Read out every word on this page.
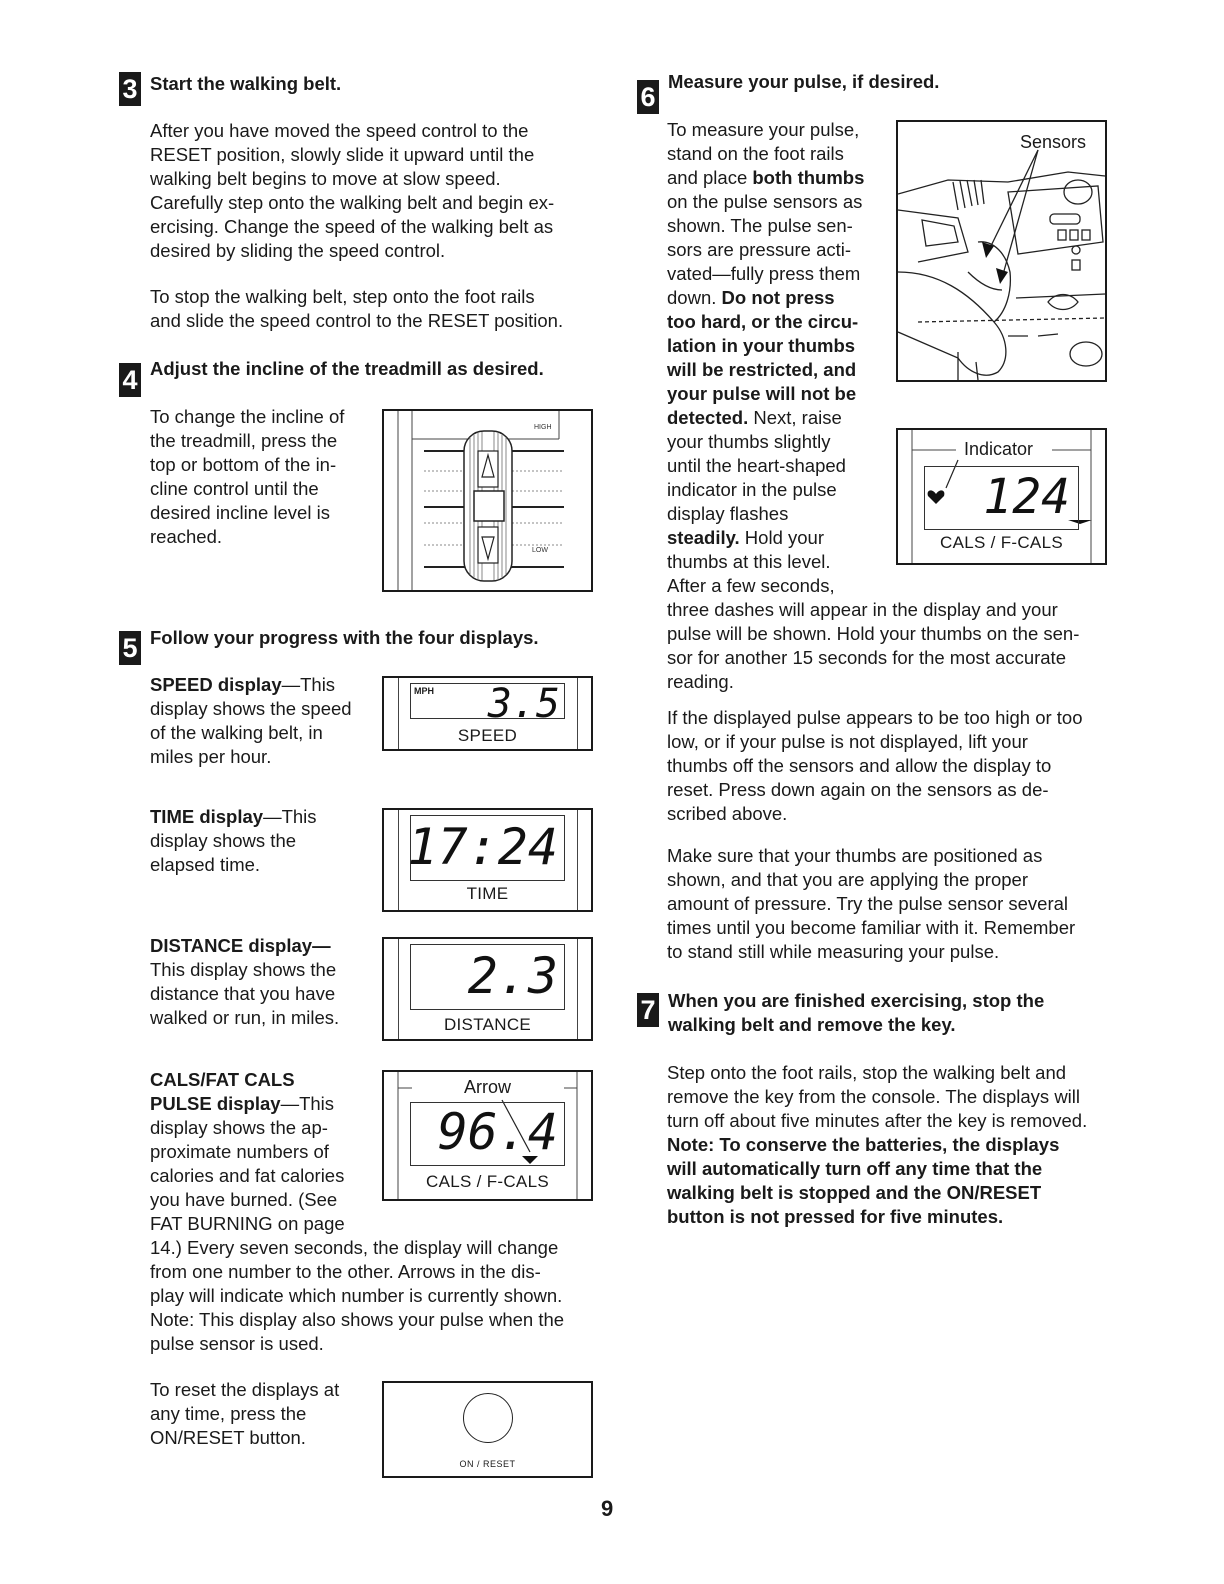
3 Start the walking belt.
After you have moved the speed control to the
RESET position, slowly slide it upward until the
walking belt begins to move at slow speed.
Carefully step onto the walking belt and begin ex-
ercising. Change the speed of the walking belt as
desired by sliding the speed control.
To stop the walking belt, step onto the foot rails
and slide the speed control to the RESET position.
4 Adjust the incline of the treadmill as desired.
To change the incline of
the treadmill, press the
top or bottom of the in-
cline control until the
desired incline level is
reached.
HIGH
LOW
5 Follow your progress with the four displays.
SPEED display—This
display shows the speed
of the walking belt, in
miles per hour.
MPH 3.5
SPEED
TIME display—This
display shows the
elapsed time.	17:24
TIME
DISTANCE display—
This display shows the
distance that you have
walked or run, in miles.
2.3
DISTANCE
CALS/FAT CALS
PULSE display—This
display shows the ap-
proximate numbers of
calories and fat calories
you have burned. (See
FAT BURNING on page
14.) Every seven seconds, the display will change
from one number to the other. Arrows in the dis-
play will indicate which number is currently shown.
Note: This display also shows your pulse when the
pulse sensor is used.
Arrow
96.4
CALS / F-CALS
To reset the displays at
any time, press the
ON/RESET button.
ON / RESET
6
Measure your pulse, if desired.
To measure your pulse,
stand on the foot rails
and place both thumbs
on the pulse sensors as
shown. The pulse sen-
sors are pressure acti-
vated—fully press them
down. Do not press
too hard, or the circu-
lation in your thumbs
will be restricted, and
your pulse will not be
detected. Next, raise
your thumbs slightly
until the heart-shaped
indicator in the pulse
display flashes
steadily. Hold your
thumbs at this level.
After a few seconds,
three dashes will appear in the display and your
pulse will be shown. Hold your thumbs on the sen-
sor for another 15 seconds for the most accurate
reading.
Sensors
Indicator
124
CALS / F-CALS
If the displayed pulse appears to be too high or too
low, or if your pulse is not displayed, lift your
thumbs off the sensors and allow the display to
reset. Press down again on the sensors as de-
scribed above.
Make sure that your thumbs are positioned as
shown, and that you are applying the proper
amount of pressure. Try the pulse sensor several
times until you become familiar with it. Remember
to stand still while measuring your pulse.
7 When you are finished exercising, stop the
walking belt and remove the key.
Step onto the foot rails, stop the walking belt and
remove the key from the console. The displays will
turn off about five minutes after the key is removed.
Note: To conserve the batteries, the displays
will automatically turn off any time that the
walking belt is stopped and the ON/RESET
button is not pressed for five minutes.
9
